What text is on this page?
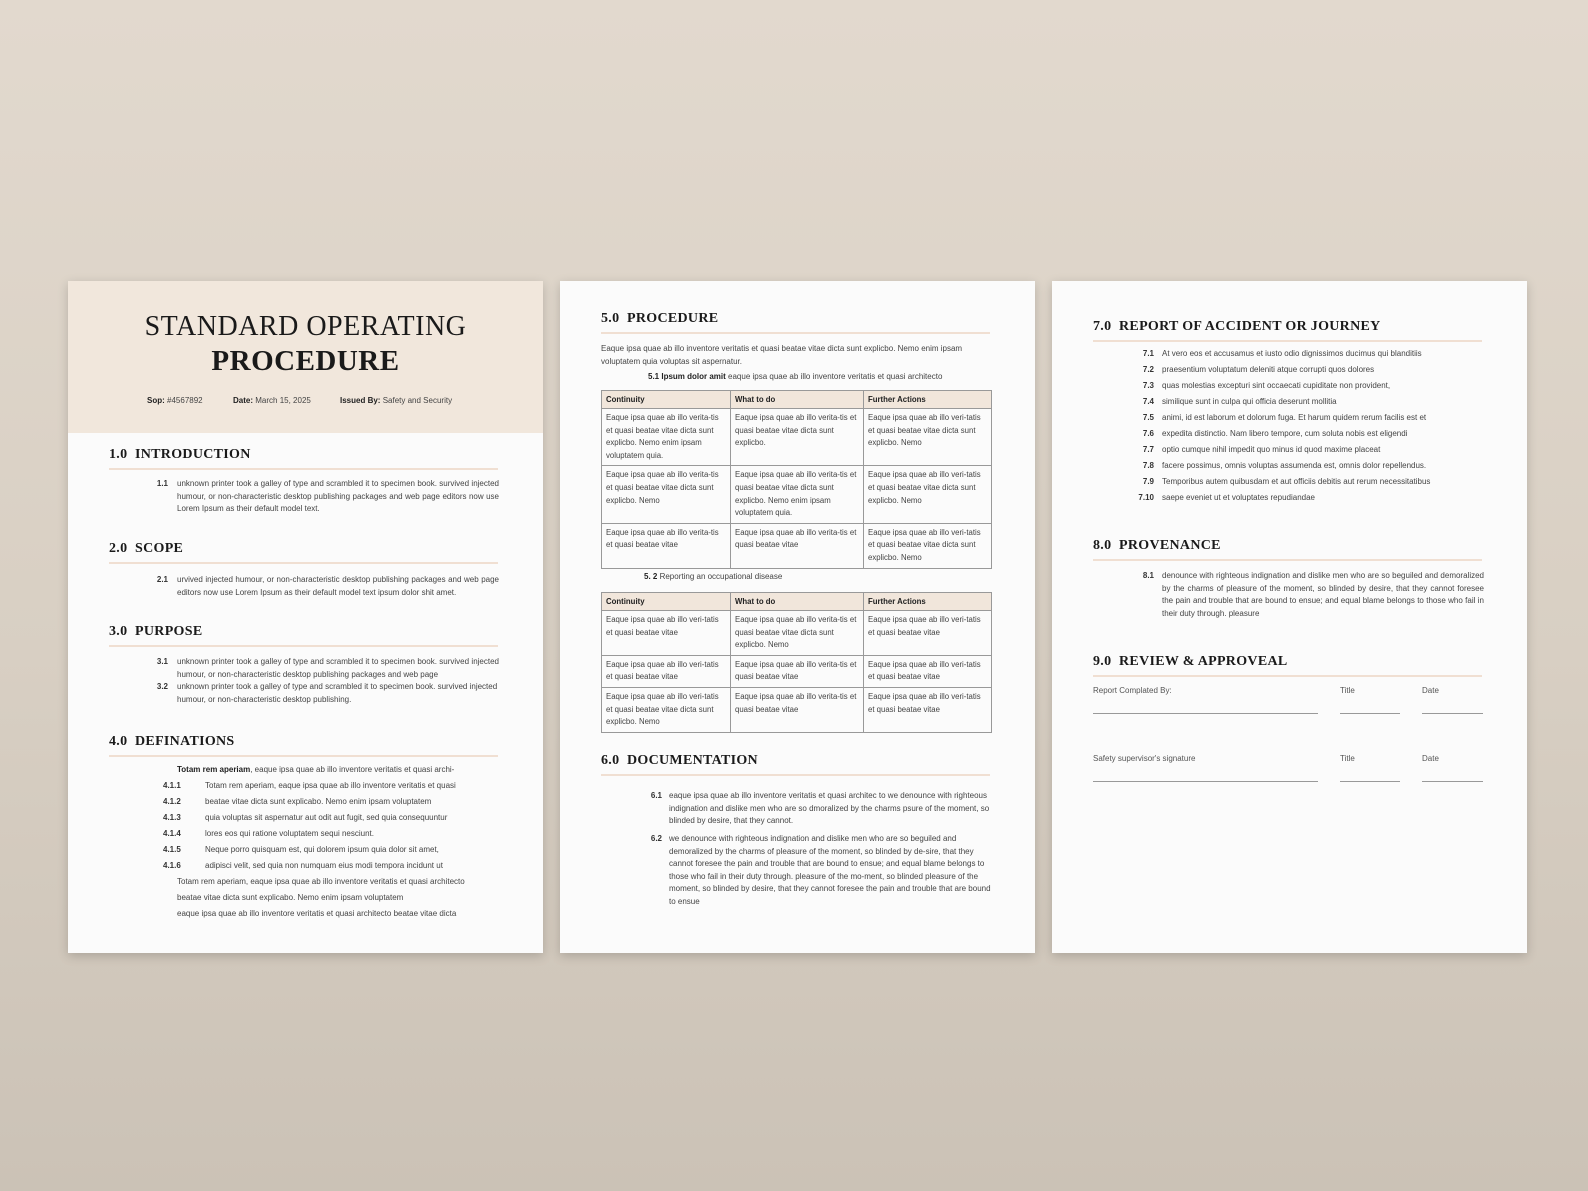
STANDARD OPERATING
PROCEDURE
Sop: #4567892	Date: March 15, 2025	Issued By: Safety and Security
1.0 INTRODUCTION
1.1 unknown printer took a galley of type and scrambled it to specimen book. survived injected humour, or non-characteristic desktop publishing packages and web page editors now use Lorem Ipsum as their default model text.
2.0 SCOPE
2.1 urvived injected humour, or non-characteristic desktop publishing packages and web page editors now use Lorem Ipsum as their default model text ipsum dolor shit amet.
3.0 PURPOSE
3.1 unknown printer took a galley of type and scrambled it to specimen book. survived injected humour, or non-characteristic desktop publishing packages and web page
3.2 unknown printer took a galley of type and scrambled it to specimen book. survived injected humour, or non-characteristic desktop publishing.
4.0 DEFINATIONS
Totam rem aperiam, eaque ipsa quae ab illo inventore veritatis et quasi archi-
4.1.1	Totam rem aperiam, eaque ipsa quae ab illo inventore veritatis et quasi
4.1.2	beatae vitae dicta sunt explicabo. Nemo enim ipsam voluptatem
4.1.3	quia voluptas sit aspernatur aut odit aut fugit, sed quia consequuntur
4.1.4	lores eos qui ratione voluptatem sequi nesciunt.
4.1.5	Neque porro quisquam est, qui dolorem ipsum quia dolor sit amet,
4.1.6	adipisci velit, sed quia non numquam eius modi tempora incidunt ut
Totam rem aperiam, eaque ipsa quae ab illo inventore veritatis et quasi architecto
beatae vitae dicta sunt explicabo. Nemo enim ipsam voluptatem
eaque ipsa quae ab illo inventore veritatis et quasi architecto beatae vitae dicta
5.0 PROCEDURE
Eaque ipsa quae ab illo inventore veritatis et quasi beatae vitae dicta sunt explicbo. Nemo enim ipsam voluptatem quia voluptas sit aspernatur.
5.1 Ipsum dolor amit eaque ipsa quae ab illo inventore veritatis et quasi architecto
Continuity	What to do	Further Actions
Eaque ipsa quae ab illo verita-tis et quasi beatae vitae dicta sunt explicbo. Nemo enim ipsam voluptatem quia.	Eaque ipsa quae ab illo verita-tis et quasi beatae vitae dicta sunt explicbo.	Eaque ipsa quae ab illo veri-tatis et quasi beatae vitae dicta sunt explicbo. Nemo
Eaque ipsa quae ab illo verita-tis et quasi beatae vitae dicta sunt explicbo. Nemo	Eaque ipsa quae ab illo verita-tis et quasi beatae vitae dicta sunt explicbo. Nemo enim ipsam voluptatem quia.	Eaque ipsa quae ab illo veri-tatis et quasi beatae vitae dicta sunt explicbo. Nemo
Eaque ipsa quae ab illo verita-tis et quasi beatae vitae	Eaque ipsa quae ab illo verita-tis et quasi beatae vitae	Eaque ipsa quae ab illo veri-tatis et quasi beatae vitae dicta sunt explicbo. Nemo
5. 2 Reporting an occupational disease
Continuity	What to do	Further Actions
Eaque ipsa quae ab illo veri-tatis et quasi beatae vitae	Eaque ipsa quae ab illo verita-tis et quasi beatae vitae dicta sunt explicbo. Nemo	Eaque ipsa quae ab illo veri-tatis et quasi beatae vitae
Eaque ipsa quae ab illo veri-tatis et quasi beatae vitae	Eaque ipsa quae ab illo verita-tis et quasi beatae vitae	Eaque ipsa quae ab illo veri-tatis et quasi beatae vitae
Eaque ipsa quae ab illo veri-tatis et quasi beatae vitae dicta sunt explicbo. Nemo	Eaque ipsa quae ab illo verita-tis et quasi beatae vitae	Eaque ipsa quae ab illo veri-tatis et quasi beatae vitae
6.0 DOCUMENTATION
6.1 eaque ipsa quae ab illo inventore veritatis et quasi architec to we denounce with righteous indignation and dislike men who are so dmoralized by the charms psure of the moment, so blinded by desire, that they cannot.
6.2 we denounce with righteous indignation and dislike men who are so beguiled and demoralized by the charms of pleasure of the moment, so blinded by de-sire, that they cannot foresee the pain and trouble that are bound to ensue; and equal blame belongs to those who fail in their duty through. pleasure of the mo-ment, so blinded pleasure of the moment, so blinded by desire, that they cannot foresee the pain and trouble that are bound to ensue
7.0 REPORT OF ACCIDENT OR JOURNEY
7.1 At vero eos et accusamus et iusto odio dignissimos ducimus qui blanditiis
7.2 praesentium voluptatum deleniti atque corrupti quos dolores
7.3 quas molestias excepturi sint occaecati cupiditate non provident,
7.4 similique sunt in culpa qui officia deserunt mollitia
7.5 animi, id est laborum et dolorum fuga. Et harum quidem rerum facilis est et
7.6 expedita distinctio. Nam libero tempore, cum soluta nobis est eligendi
7.7 optio cumque nihil impedit quo minus id quod maxime placeat
7.8 facere possimus, omnis voluptas assumenda est, omnis dolor repellendus.
7.9 Temporibus autem quibusdam et aut officiis debitis aut rerum necessitatibus
7.10 saepe eveniet ut et voluptates repudiandae
8.0 PROVENANCE
8.1 denounce with righteous indignation and dislike men who are so beguiled and demoralized by the charms of pleasure of the moment, so blinded by desire, that they cannot foresee the pain and trouble that are bound to ensue; and equal blame belongs to those who fail in their duty through. pleasure
9.0 REVIEW & APPROVEAL
Report Complated By:	Title	Date
Safety supervisor's signature	Title	Date
